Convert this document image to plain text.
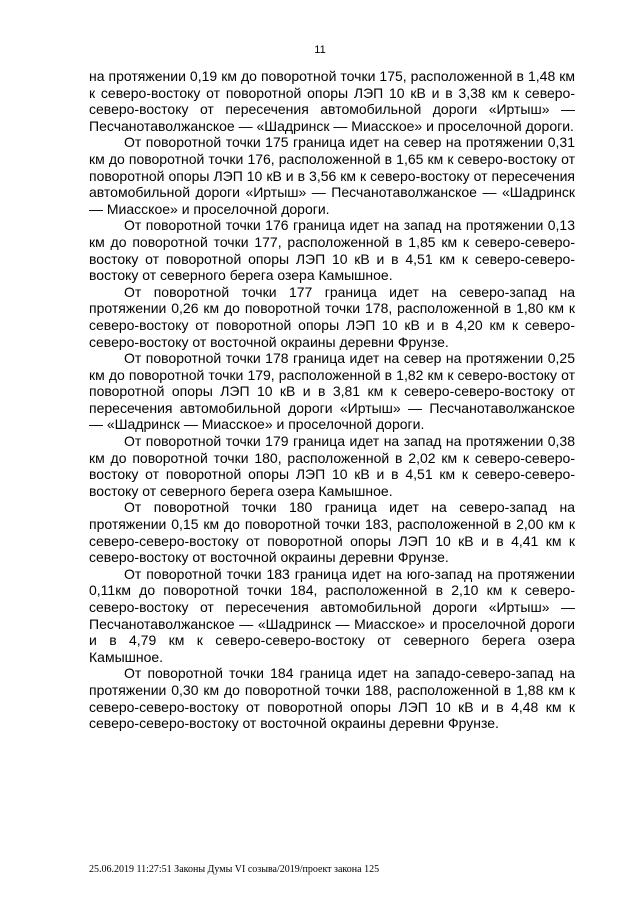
11

на протяжении 0,19 км до поворотной точки 175, расположенной в 1,48 км к северо-востоку от поворотной опоры ЛЭП 10 кВ и в 3,38 км к северо-северо-востоку от пересечения автомобильной дороги «Иртыш» — Песчанотаволжанское — «Шадринск — Миасское» и проселочной дороги.

От поворотной точки 175 граница идет на север на протяжении 0,31 км до поворотной точки 176, расположенной в 1,65 км к северо-востоку от поворотной опоры ЛЭП 10 кВ и в 3,56 км к северо-востоку от пересечения автомобильной дороги «Иртыш» — Песчанотаволжанское — «Шадринск — Миасское» и проселочной дороги.

От поворотной точки 176 граница идет на запад на протяжении 0,13 км до поворотной точки 177, расположенной в 1,85 км к северо-северо-востоку от поворотной опоры ЛЭП 10 кВ и в 4,51 км к северо-северо-востоку от северного берега озера Камышное.

От поворотной точки 177 граница идет на северо-запад на протяжении 0,26 км до поворотной точки 178, расположенной в 1,80 км к северо-востоку от поворотной опоры ЛЭП 10 кВ и в 4,20 км к северо-северо-востоку от восточной окраины деревни Фрунзе.

От поворотной точки 178 граница идет на север на протяжении 0,25 км до поворотной точки 179, расположенной в 1,82 км к северо-востоку от поворотной опоры ЛЭП 10 кВ и в 3,81 км к северо-северо-востоку от пересечения автомобильной дороги «Иртыш» — Песчанотаволжанское — «Шадринск — Миасское» и проселочной дороги.

От поворотной точки 179 граница идет на запад на протяжении 0,38 км до поворотной точки 180, расположенной в 2,02 км к северо-северо-востоку от поворотной опоры ЛЭП 10 кВ и в 4,51 км к северо-северо-востоку от северного берега озера Камышное.

От поворотной точки 180 граница идет на северо-запад на протяжении 0,15 км до поворотной точки 183, расположенной в 2,00 км к северо-северо-востоку от поворотной опоры ЛЭП 10 кВ и в 4,41 км к северо-востоку от восточной окраины деревни Фрунзе.

От поворотной точки 183 граница идет на юго-запад на протяжении 0,11км до поворотной точки 184, расположенной в 2,10 км к северо-северо-востоку от пересечения автомобильной дороги «Иртыш» — Песчанотаволжанское — «Шадринск — Миасское» и проселочной дороги и в 4,79 км к северо-северо-востоку от северного берега озера Камышное.

От поворотной точки 184 граница идет на западо-северо-запад на протяжении 0,30 км до поворотной точки 188, расположенной в 1,88 км к северо-северо-востоку от поворотной опоры ЛЭП 10 кВ и в 4,48 км к северо-северо-востоку от восточной окраины деревни Фрунзе.

25.06.2019 11:27:51 Законы Думы VI созыва/2019/проект закона 125
